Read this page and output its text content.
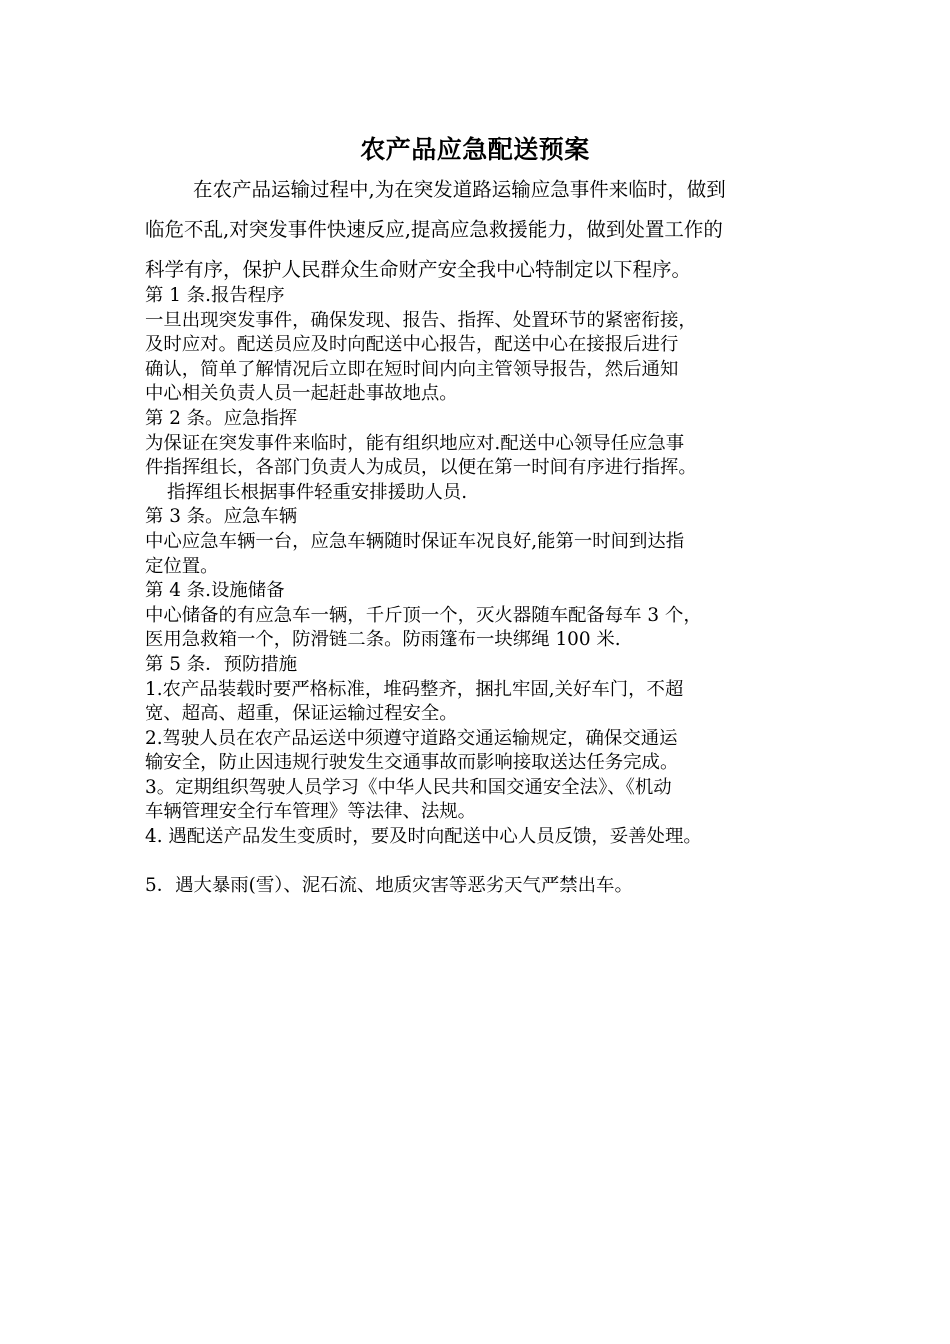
农产品应急配送预案
在农产品运输过程中,为在突发道路运输应急事件来临时，做到
临危不乱,对突发事件快速反应,提高应急救援能力，做到处置工作的
科学有序，保护人民群众生命财产安全我中心特制定以下程序。
第 1 条.报告程序
一旦出现突发事件，确保发现、报告、指挥、处置环节的紧密衔接，
及时应对。配送员应及时向配送中心报告，配送中心在接报后进行
确认，简单了解情况后立即在短时间内向主管领导报告，然后通知
中心相关负责人员一起赶赴事故地点。
第 2 条。应急指挥
为保证在突发事件来临时，能有组织地应对.配送中心领导任应急事
件指挥组长，各部门负责人为成员，以便在第一时间有序进行指挥。
指挥组长根据事件轻重安排援助人员.
第 3 条。应急车辆
中心应急车辆一台，应急车辆随时保证车况良好,能第一时间到达指
定位置。
第 4 条.设施储备
中心储备的有应急车一辆，千斤顶一个，灭火器随车配备每车 3 个，
医用急救箱一个，防滑链二条。防雨篷布一块绑绳 100 米.
第 5 条．预防措施
1.农产品装载时要严格标准，堆码整齐，捆扎牢固,关好车门，不超
宽、超高、超重，保证运输过程安全。
2.驾驶人员在农产品运送中须遵守道路交通运输规定，确保交通运
输安全，防止因违规行驶发生交通事故而影响接取送达任务完成。
3。定期组织驾驶人员学习《中华人民共和国交通安全法》、《机动
车辆管理安全行车管理》等法律、法规。
4. 遇配送产品发生变质时，要及时向配送中心人员反馈，妥善处理。
5．遇大暴雨(雪）、泥石流、地质灾害等恶劣天气严禁出车。
